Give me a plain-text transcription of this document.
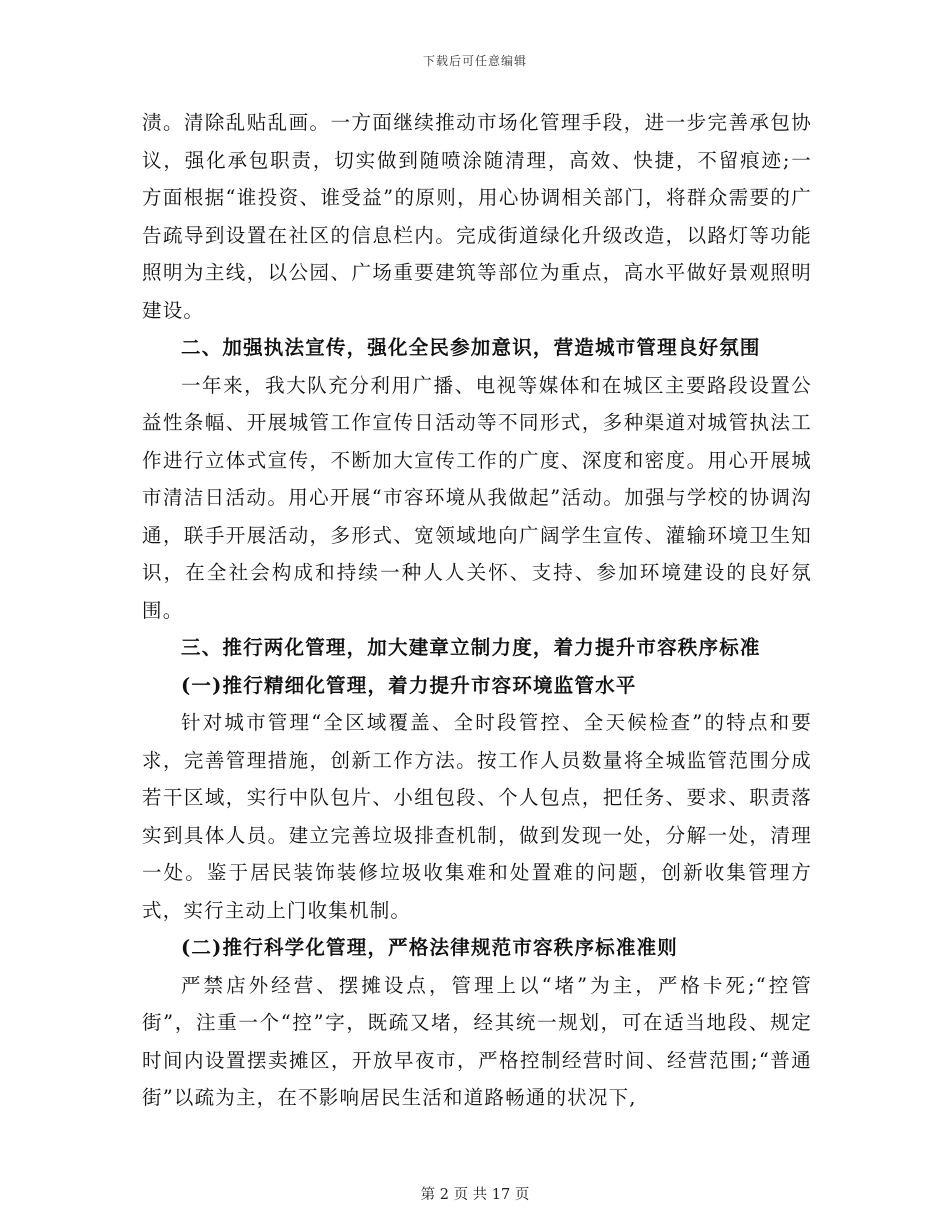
下载后可任意编辑

渍。清除乱贴乱画。一方面继续推动市场化管理手段，进一步完善承包协议，强化承包职责，切实做到随喷涂随清理，高效、快捷，不留痕迹;一方面根据“谁投资、谁受益”的原则，用心协调相关部门，将群众需要的广告疏导到设置在社区的信息栏内。完成街道绿化升级改造，以路灯等功能照明为主线，以公园、广场重要建筑等部位为重点，高水平做好景观照明建设。

二、加强执法宣传，强化全民参加意识，营造城市管理良好氛围

一年来，我大队充分利用广播、电视等媒体和在城区主要路段设置公益性条幅、开展城管工作宣传日活动等不同形式，多种渠道对城管执法工作进行立体式宣传，不断加大宣传工作的广度、深度和密度。用心开展城市清洁日活动。用心开展“市容环境从我做起”活动。加强与学校的协调沟通，联手开展活动，多形式、宽领域地向广阔学生宣传、灌输环境卫生知识，在全社会构成和持续一种人人关怀、支持、参加环境建设的良好氛围。

三、推行两化管理，加大建章立制力度，着力提升市容秩序标准

(一)推行精细化管理，着力提升市容环境监管水平

针对城市管理“全区域覆盖、全时段管控、全天候检查”的特点和要求，完善管理措施，创新工作方法。按工作人员数量将全城监管范围分成若干区域，实行中队包片、小组包段、个人包点，把任务、要求、职责落实到具体人员。建立完善垃圾排查机制，做到发现一处，分解一处，清理一处。鉴于居民装饰装修垃圾收集难和处置难的问题，创新收集管理方式，实行主动上门收集机制。

(二)推行科学化管理，严格法律规范市容秩序标准准则

严禁店外经营、摆摊设点，管理上以“堵”为主，严格卡死;“控管街”，注重一个“控”字，既疏又堵，经其统一规划，可在适当地段、规定时间内设置摆卖摊区，开放早夜市，严格控制经营时间、经营范围;“普通街”以疏为主，在不影响居民生活和道路畅通的状况下,

第 2 页 共 17 页
